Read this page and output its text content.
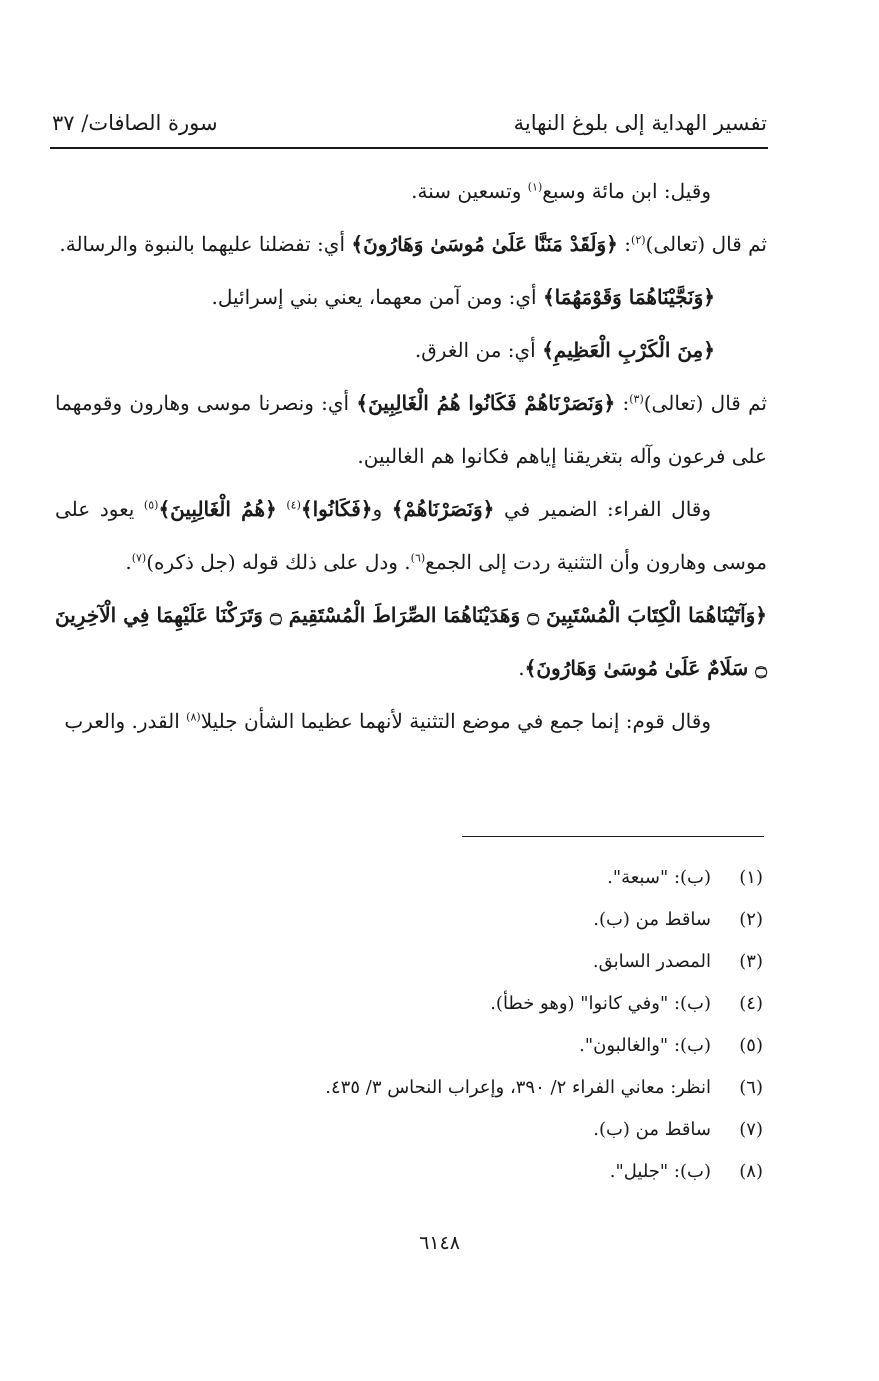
تفسير الهداية إلى بلوغ النهاية
سورة الصافات/ ٣٧

وقيل: ابن مائة وسبع$^{(١)}$ وتسعين سنة.

ثم قال (تعالى)$^{(٢)}$: ﴿وَلَقَدْ مَنَنَّا عَلَىٰ مُوسَىٰ وَهَارُونَ﴾ أي: تفضلنا عليهما بالنبوة والرسالة.

﴿وَنَجَّيْنَاهُمَا وَقَوْمَهُمَا﴾ أي: ومن آمن معهما، يعني بني إسرائيل.

﴿مِنَ الْكَرْبِ الْعَظِيمِ﴾ أي: من الغرق.

ثم قال (تعالى)$^{(٣)}$: ﴿وَنَصَرْنَاهُمْ فَكَانُوا هُمُ الْغَالِبِينَ﴾ أي: ونصرنا موسى وهارون وقومهما على فرعون وآله بتغريقنا إياهم فكانوا هم الغالبين.

وقال الفراء: الضمير في ﴿وَنَصَرْنَاهُمْ﴾ و﴿فَكَانُوا﴾$^{(٤)}$ ﴿هُمُ الْغَالِبِينَ﴾$^{(٥)}$ يعود على موسى وهارون وأن التثنية ردت إلى الجمع$^{(٦)}$. ودل على ذلك قوله (جل ذكره)$^{(٧)}$.

﴿وَآتَيْنَاهُمَا الْكِتَابَ الْمُسْتَبِينَ ۝ وَهَدَيْنَاهُمَا الصِّرَاطَ الْمُسْتَقِيمَ ۝ وَتَرَكْنَا عَلَيْهِمَا فِي الْآخِرِينَ ۝ سَلَامٌ عَلَىٰ مُوسَىٰ وَهَارُونَ﴾.

وقال قوم: إنما جمع في موضع التثنية لأنهما عظيما الشأن جليلا$^{(٨)}$ القدر. والعرب

(١)
(ب): "سبعة".
(٢)
ساقط من (ب).
(٣)
المصدر السابق.
(٤)
(ب): "وفي كانوا" (وهو خطأ).
(٥)
(ب): "والغالبون".
(٦)
انظر: معاني الفراء ٢/ ٣٩٠، وإعراب النحاس ٣/ ٤٣٥.
(٧)
ساقط من (ب).
(٨)
(ب): "جليل".
٦١٤٨
